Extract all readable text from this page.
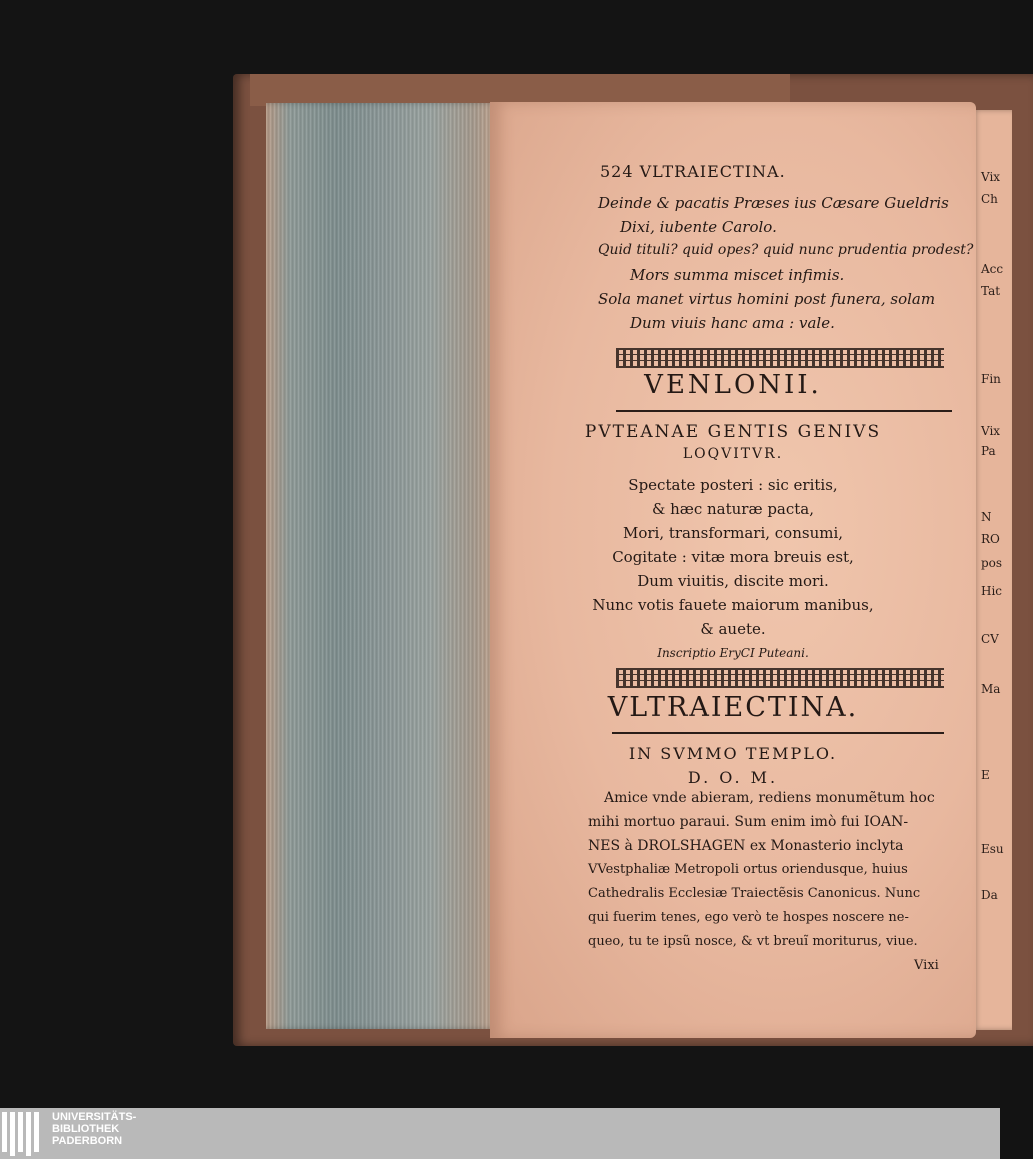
Vix
Ch
Acc
Tat
Fin
Vix
Pa
N
RO
pos
Hic
CV
Ma
E
Esu
Da
524 VLTRAIECTINA.
Deinde & pacatis Præses ius Cæsare Gueldris
Dixi, iubente Carolo.
Quid tituli? quid opes? quid nunc prudentia prodest?
Mors summa miscet infimis.
Sola manet virtus homini post funera, solam
Dum viuis hanc ama : vale.
VENLONII.
PVTEANAE GENTIS GENIVS
LOQVITVR.
Spectate posteri : sic eritis,
& hæc naturæ pacta,
Mori, transformari, consumi,
Cogitate : vitæ mora breuis est,
Dum viuitis, discite mori.
Nunc votis fauete maiorum manibus,
& auete.
Inscriptio EryCI Puteani.
VLTRAIECTINA.
IN SVMMO TEMPLO.
D. O. M.
Amice vnde abieram, rediens monumẽtum hoc
mihi mortuo paraui. Sum enim imò fui IOAN-
NES à DROLSHAGEN ex Monasterio inclyta
VVestphaliæ Metropoli ortus oriendusque, huius
Cathedralis Ecclesiæ Traiectẽsis Canonicus. Nunc
qui fuerim tenes, ego verò te hospes noscere ne-
queo, tu te ipsũ nosce, & vt breuĩ moriturus, viue.
Vixi
UNIVERSITÄTS-
BIBLIOTHEK
PADERBORN
